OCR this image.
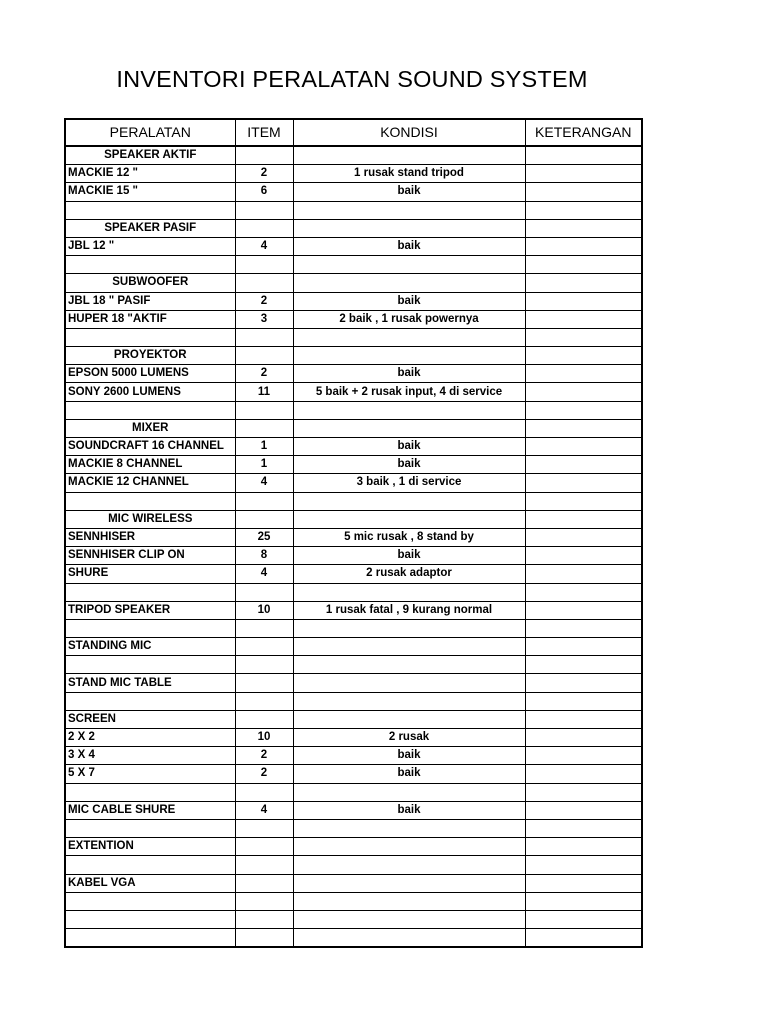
INVENTORI PERALATAN SOUND SYSTEM
PERALATAN	ITEM	KONDISI	KETERANGAN
SPEAKER AKTIF			
MACKIE 12 "	2	1 rusak stand tripod	
MACKIE 15 "	6	baik	

SPEAKER PASIF			
JBL 12 "	4	baik	

SUBWOOFER			
JBL 18 " PASIF	2	baik	
HUPER 18 "AKTIF	3	2 baik , 1 rusak powernya	

PROYEKTOR			
EPSON 5000 LUMENS	2	baik	
SONY 2600 LUMENS	11	5 baik + 2 rusak input, 4 di service	

MIXER			
SOUNDCRAFT 16 CHANNEL	1	baik	
MACKIE 8 CHANNEL	1	baik	
MACKIE 12 CHANNEL	4	3 baik , 1 di service	

MIC WIRELESS			
SENNHISER	25	5 mic rusak , 8 stand by	
SENNHISER CLIP ON	8	baik	
SHURE	4	2 rusak adaptor	

TRIPOD SPEAKER	10	1 rusak fatal , 9 kurang normal	

STANDING MIC			

STAND MIC TABLE			

SCREEN			
2 X 2	10	2 rusak	
3 X 4	2	baik	
5 X 7	2	baik	

MIC CABLE SHURE	4	baik	

EXTENTION			

KABEL VGA			
